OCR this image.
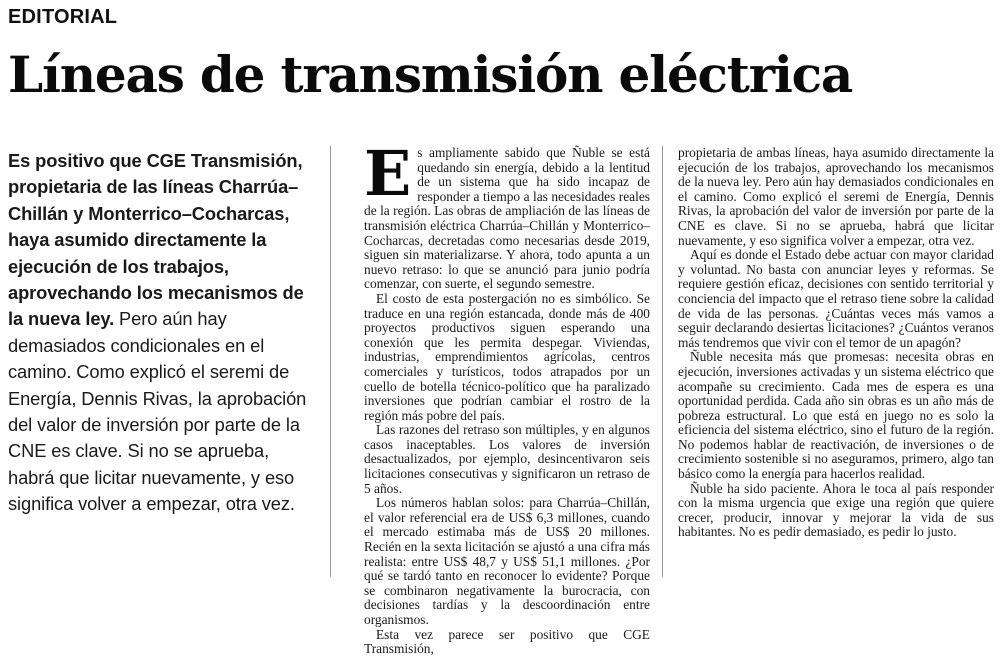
EDITORIAL
Líneas de transmisión eléctrica
Es positivo que CGE Transmisión, propietaria de las líneas Charrúa–Chillán y Monterrico–Cocharcas, haya asumido directamente la ejecución de los trabajos, aprovechando los mecanismos de la nueva ley. Pero aún hay demasiados condicionales en el camino. Como explicó el seremi de Energía, Dennis Rivas, la aprobación del valor de inversión por parte de la CNE es clave. Si no se aprueba, habrá que licitar nuevamente, y eso significa volver a empezar, otra vez.

Es ampliamente sabido que Ñuble se está quedando sin energía, debido a la lentitud de un sistema que ha sido incapaz de responder a tiempo a las necesidades reales de la región. Las obras de ampliación de las líneas de transmisión eléctrica Charrúa–Chillán y Monterrico–Cocharcas, decretadas como necesarias desde 2019, siguen sin materializarse. Y ahora, todo apunta a un nuevo retraso: lo que se anunció para junio podría comenzar, con suerte, el segundo semestre.

El costo de esta postergación no es simbólico. Se traduce en una región estancada, donde más de 400 proyectos productivos siguen esperando una conexión que les permita despegar. Viviendas, industrias, emprendimientos agrícolas, centros comerciales y turísticos, todos atrapados por un cuello de botella técnico-político que ha paralizado inversiones que podrían cambiar el rostro de la región más pobre del país.

Las razones del retraso son múltiples, y en algunos casos inaceptables. Los valores de inversión desactualizados, por ejemplo, desincentivaron seis licitaciones consecutivas y significaron un retraso de 5 años.

Los números hablan solos: para Charrúa–Chillán, el valor referencial era de US$ 6,3 millones, cuando el mercado estimaba más de US$ 20 millones. Recién en la sexta licitación se ajustó a una cifra más realista: entre US$ 48,7 y US$ 51,1 millones. ¿Por qué se tardó tanto en reconocer lo evidente? Porque se combinaron negativamente la burocracia, con decisiones tardías y la descoordinación entre organismos.

Esta vez parece ser positivo que CGE Transmisión,

propietaria de ambas líneas, haya asumido directamente la ejecución de los trabajos, aprovechando los mecanismos de la nueva ley. Pero aún hay demasiados condicionales en el camino. Como explicó el seremi de Energía, Dennis Rivas, la aprobación del valor de inversión por parte de la CNE es clave. Si no se aprueba, habrá que licitar nuevamente, y eso significa volver a empezar, otra vez.

Aquí es donde el Estado debe actuar con mayor claridad y voluntad. No basta con anunciar leyes y reformas. Se requiere gestión eficaz, decisiones con sentido territorial y conciencia del impacto que el retraso tiene sobre la calidad de vida de las personas. ¿Cuántas veces más vamos a seguir declarando desiertas licitaciones? ¿Cuántos veranos más tendremos que vivir con el temor de un apagón?

Ñuble necesita más que promesas: necesita obras en ejecución, inversiones activadas y un sistema eléctrico que acompañe su crecimiento. Cada mes de espera es una oportunidad perdida. Cada año sin obras es un año más de pobreza estructural. Lo que está en juego no es solo la eficiencia del sistema eléctrico, sino el futuro de la región. No podemos hablar de reactivación, de inversiones o de crecimiento sostenible si no aseguramos, primero, algo tan básico como la energía para hacerlos realidad.

Ñuble ha sido paciente. Ahora le toca al país responder con la misma urgencia que exige una región que quiere crecer, producir, innovar y mejorar la vida de sus habitantes. No es pedir demasiado, es pedir lo justo.
